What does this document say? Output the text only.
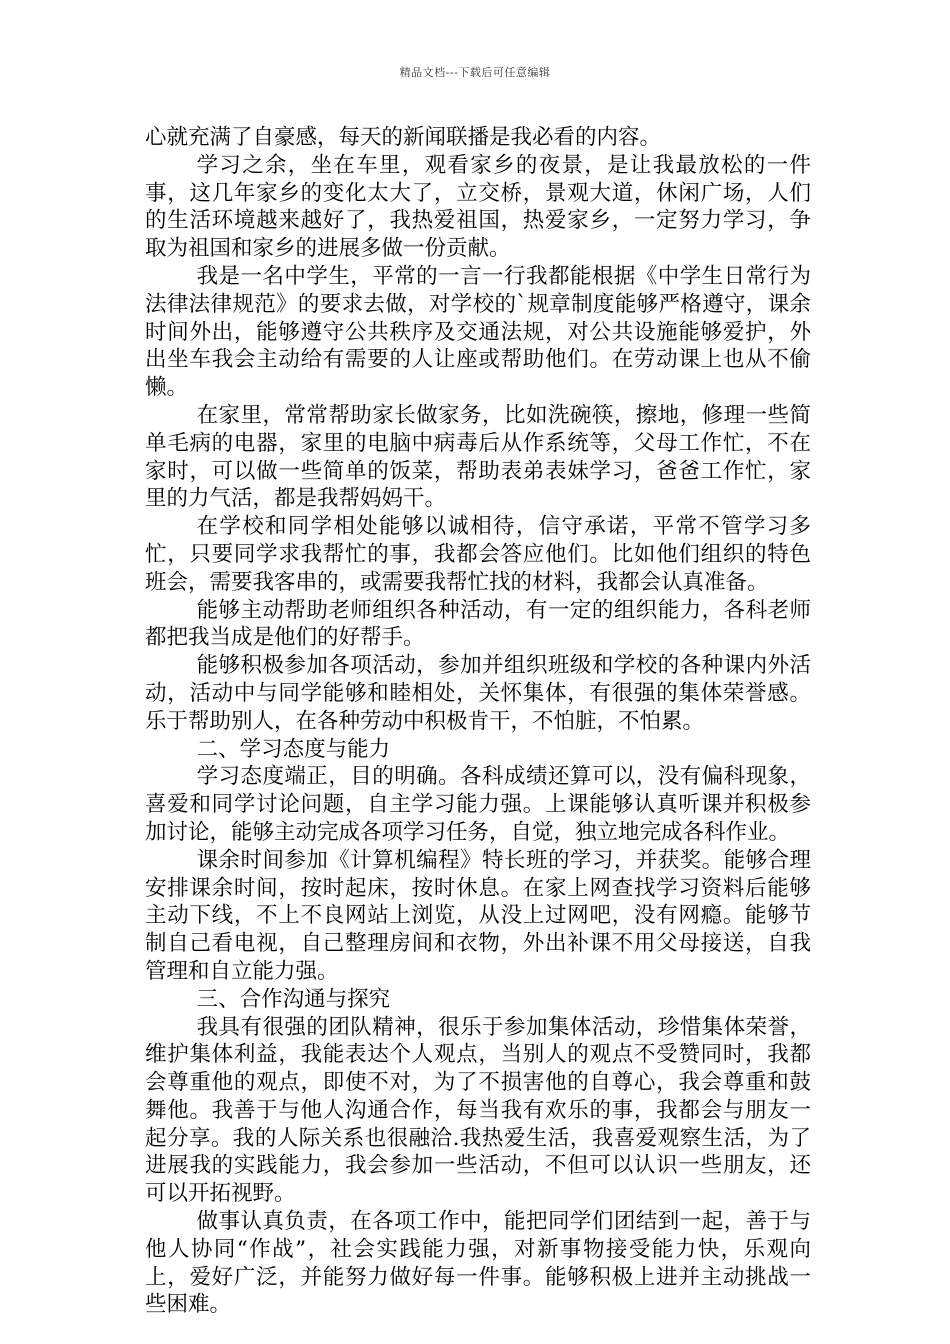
精品文档---下载后可任意编辑

心就充满了自豪感，每天的新闻联播是我必看的内容。

学习之余，坐在车里，观看家乡的夜景，是让我最放松的一件事，这几年家乡的变化太大了，立交桥，景观大道，休闲广场，人们的生活环境越来越好了，我热爱祖国，热爱家乡，一定努力学习，争取为祖国和家乡的进展多做一份贡献。

我是一名中学生，平常的一言一行我都能根据《中学生日常行为法律法律规范》的要求去做，对学校的`规章制度能够严格遵守，课余时间外出，能够遵守公共秩序及交通法规，对公共设施能够爱护，外出坐车我会主动给有需要的人让座或帮助他们。在劳动课上也从不偷懒。

在家里，常常帮助家长做家务，比如洗碗筷，擦地，修理一些简单毛病的电器，家里的电脑中病毒后从作系统等，父母工作忙，不在家时，可以做一些简单的饭菜，帮助表弟表妹学习，爸爸工作忙，家里的力气活，都是我帮妈妈干。

在学校和同学相处能够以诚相待，信守承诺，平常不管学习多忙，只要同学求我帮忙的事，我都会答应他们。比如他们组织的特色班会，需要我客串的，或需要我帮忙找的材料，我都会认真准备。

能够主动帮助老师组织各种活动，有一定的组织能力，各科老师都把我当成是他们的好帮手。

能够积极参加各项活动，参加并组织班级和学校的各种课内外活动，活动中与同学能够和睦相处，关怀集体，有很强的集体荣誉感。乐于帮助别人，在各种劳动中积极肯干，不怕脏，不怕累。

二、学习态度与能力

学习态度端正，目的明确。各科成绩还算可以，没有偏科现象，喜爱和同学讨论问题，自主学习能力强。上课能够认真听课并积极参加讨论，能够主动完成各项学习任务，自觉，独立地完成各科作业。

课余时间参加《计算机编程》特长班的学习，并获奖。能够合理安排课余时间，按时起床，按时休息。在家上网查找学习资料后能够主动下线，不上不良网站上浏览，从没上过网吧，没有网瘾。能够节制自己看电视，自己整理房间和衣物，外出补课不用父母接送，自我管理和自立能力强。

三、合作沟通与探究

我具有很强的团队精神，很乐于参加集体活动，珍惜集体荣誉，维护集体利益，我能表达个人观点，当别人的观点不受赞同时，我都会尊重他的观点，即使不对，为了不损害他的自尊心，我会尊重和鼓舞他。我善于与他人沟通合作，每当我有欢乐的事，我都会与朋友一起分享。我的人际关系也很融洽.我热爱生活，我喜爱观察生活，为了进展我的实践能力，我会参加一些活动，不但可以认识一些朋友，还可以开拓视野。

做事认真负责，在各项工作中，能把同学们团结到一起，善于与他人协同“作战”，社会实践能力强，对新事物接受能力快，乐观向上，爱好广泛，并能努力做好每一件事。能够积极上进并主动挑战一些困难。
